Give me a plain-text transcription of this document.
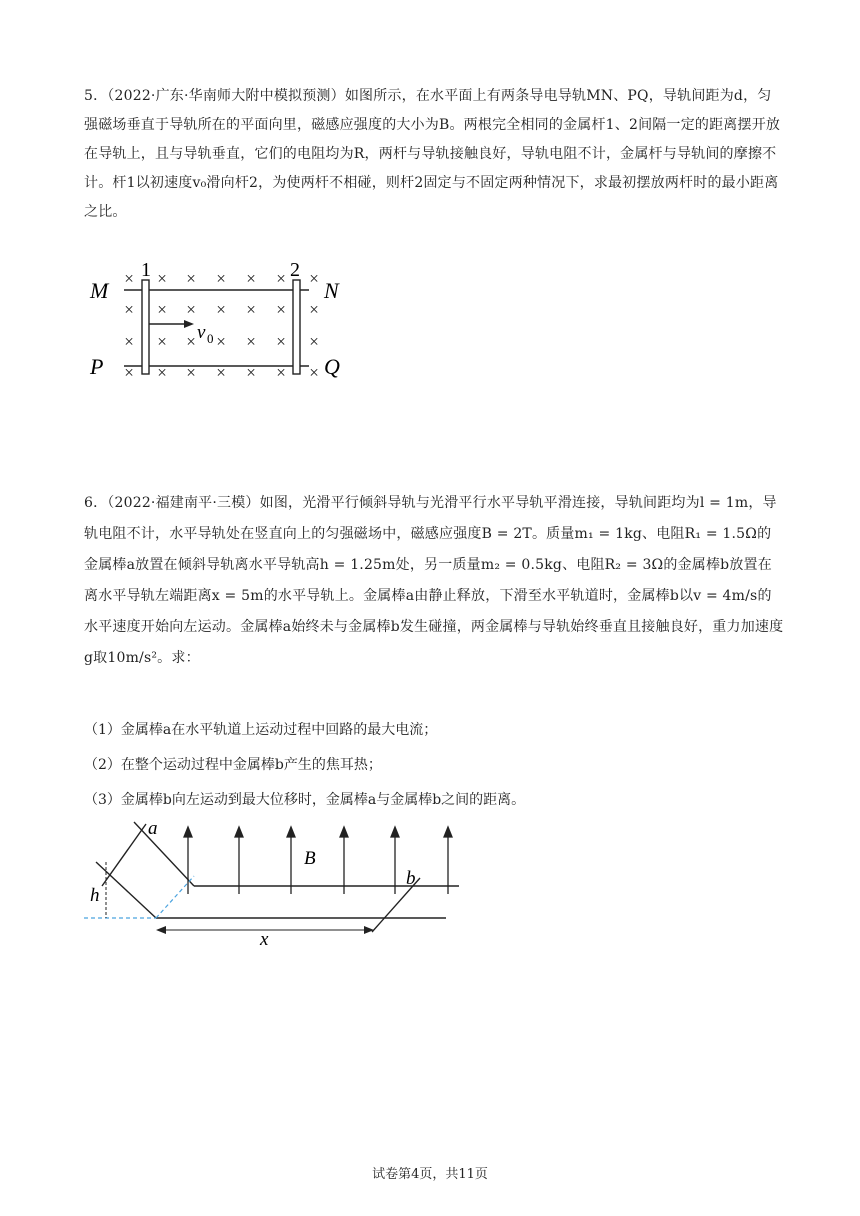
5．（2022·广东·华南师大附中模拟预测）如图所示，在水平面上有两条导电导轨MN、PQ，导轨间距为d，匀强磁场垂直于导轨所在的平面向里，磁感应强度的大小为B。两根完全相同的金属杆1、2间隔一定的距离摆开放在导轨上，且与导轨垂直，它们的电阻均为R，两杆与导轨接触良好，导轨电阻不计，金属杆与导轨间的摩擦不计。杆1以初速度v₀滑向杆2，为使两杆不相碰，则杆2固定与不固定两种情况下，求最初摆放两杆时的最小距离之比。
× × × × × × ×
× × × × × × ×
×	× × × ×
× ×
× × × × × × ×
M	N
P	Q
1	2
v 0
6．（2022·福建南平·三模）如图，光滑平行倾斜导轨与光滑平行水平导轨平滑连接，导轨间距均为l = 1m，导轨电阻不计，水平导轨处在竖直向上的匀强磁场中，磁感应强度B = 2T。质量m₁ = 1kg、电阻R₁ = 1.5Ω的金属棒a放置在倾斜导轨离水平导轨高h = 1.25m处，另一质量m₂ = 0.5kg、电阻R₂ = 3Ω的金属棒b放置在离水平导轨左端距离x = 5m的水平导轨上。金属棒a由静止释放，下滑至水平轨道时，金属棒b以v = 4m/s的水平速度开始向左运动。金属棒a始终未与金属棒b发生碰撞，两金属棒与导轨始终垂直且接触良好，重力加速度g取10m/s²。求：
（1）金属棒a在水平轨道上运动过程中回路的最大电流；
（2）在整个运动过程中金属棒b产生的焦耳热；
（3）金属棒b向左运动到最大位移时，金属棒a与金属棒b之间的距离。
a
h
x
b
B
试卷第4页，共11页
